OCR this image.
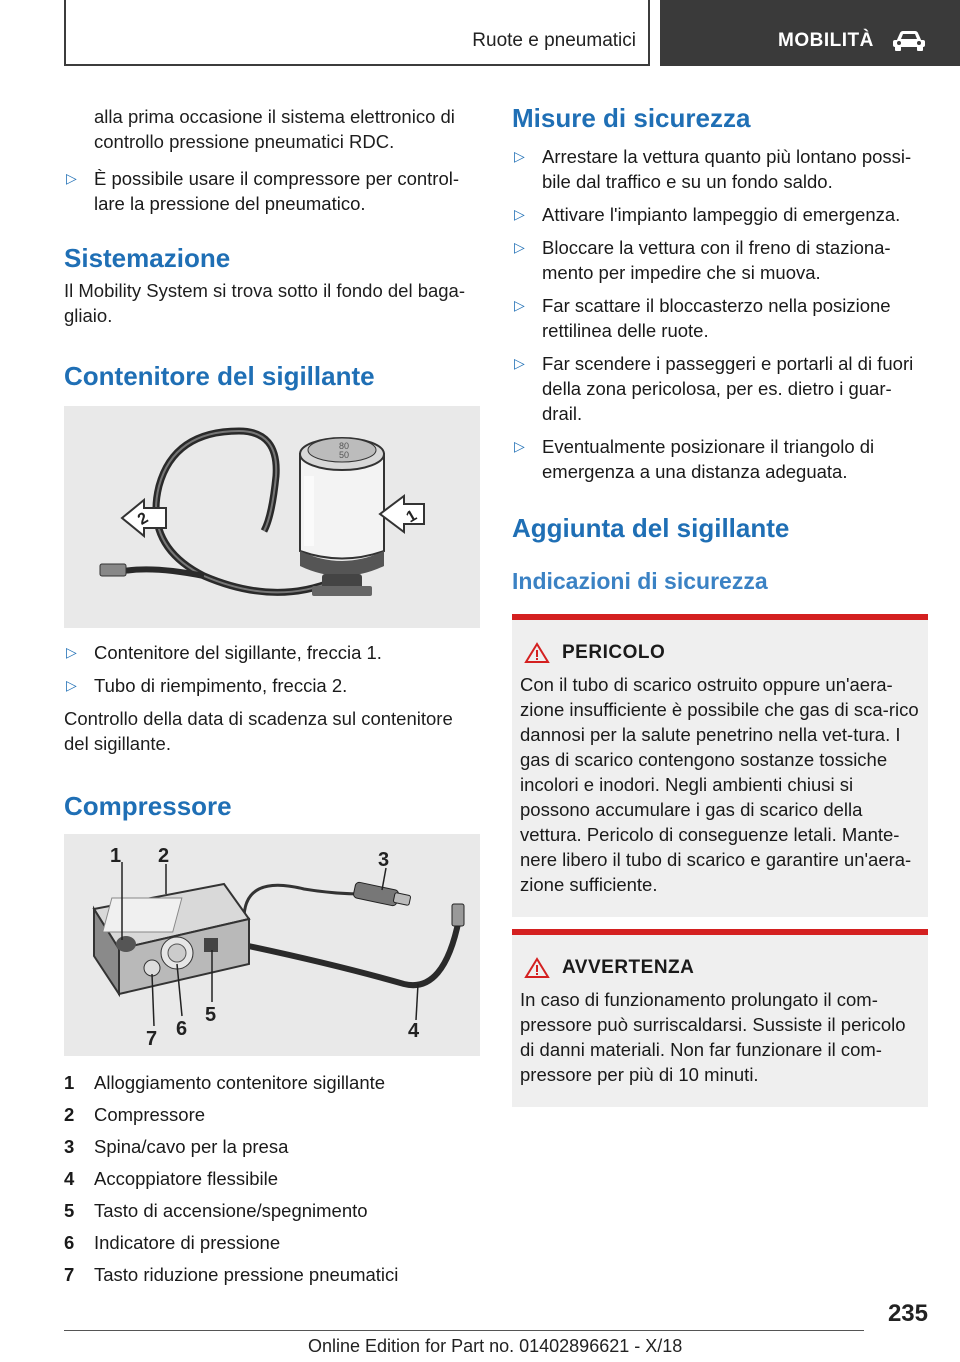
Ruote e pneumatici	MOBILITÀ

alla prima occasione il sistema elettronico di controllo pressione pneumatici RDC.

▷ È possibile usare il compressore per control-lare la pressione del pneumatico.
Sistemazione

Il Mobility System si trova sotto il fondo del baga-gliaio.

Contenitore del sigillante
80
50
1
2
▷ Contenitore del sigillante, freccia 1.
▷ Tubo di riempimento, freccia 2.

Controllo della data di scadenza sul contenitore del sigillante.

Compressore
1 2	3
4
5
6
7
1 Alloggiamento contenitore sigillante
2 Compressore
3 Spina/cavo per la presa
4 Accoppiatore flessibile
5 Tasto di accensione/spegnimento
6 Indicatore di pressione
7 Tasto riduzione pressione pneumatici
Misure di sicurezza
▷ Arrestare la vettura quanto più lontano possi-bile dal traffico e su un fondo saldo.
▷ Attivare l'impianto lampeggio di emergenza.
▷ Bloccare la vettura con il freno di staziona-mento per impedire che si muova.
▷ Far scattare il bloccasterzo nella posizione rettilinea delle ruote.
▷ Far scendere i passeggeri e portarli al di fuori della zona pericolosa, per es. dietro i guar-drail.
▷ Eventualmente posizionare il triangolo di emergenza a una distanza adeguata.
Aggiunta del sigillante
Indicazioni di sicurezza
PERICOLO

Con il tubo di scarico ostruito oppure un'aera-zione insufficiente è possibile che gas di sca-rico dannosi per la salute penetrino nella vet-tura. I gas di scarico contengono sostanze tossiche incolori e inodori. Negli ambienti chiusi si possono accumulare i gas di scarico della vettura. Pericolo di conseguenze letali. Mante-nere libero il tubo di scarico e garantire un'aera-zione sufficiente.

AVVERTENZA

In caso di funzionamento prolungato il com-pressore può surriscaldarsi. Sussiste il pericolo di danni materiali. Non far funzionare il com-pressore per più di 10 minuti.

235
Online Edition for Part no. 01402896621 - X/18
